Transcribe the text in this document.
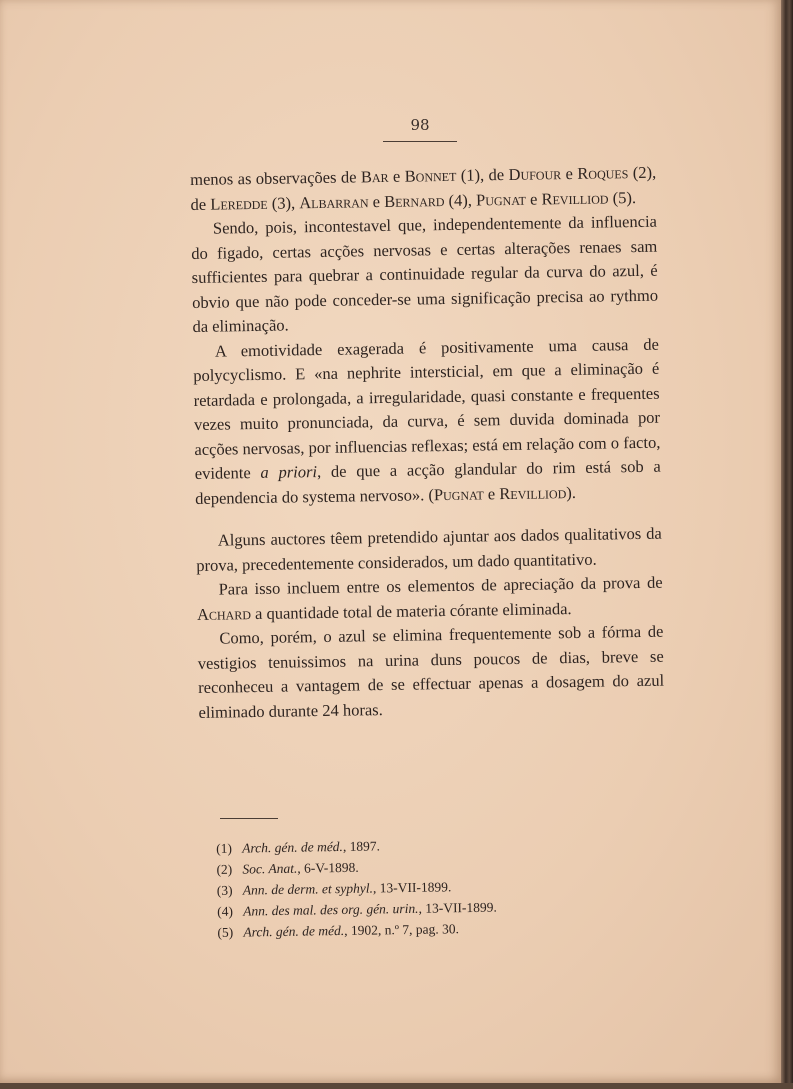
98

menos as observações de Bar e Bonnet (1), de Dufour e Roques (2), de Leredde (3), Albarran e Bernard (4), Pugnat e Revilliod (5).

Sendo, pois, incontestavel que, independentemente da influencia do figado, certas acções nervosas e certas alterações renaes sam sufficientes para quebrar a continuidade regular da curva do azul, é obvio que não pode conceder-se uma significação precisa ao rythmo da eliminação.

A emotividade exagerada é positivamente uma causa de polycyclismo. E «na nephrite intersticial, em que a eliminação é retardada e prolongada, a irregularidade, quasi constante e frequentes vezes muito pronunciada, da curva, é sem duvida dominada por acções nervosas, por influencias reflexas; está em relação com o facto, evidente a priori, de que a acção glandular do rim está sob a dependencia do systema nervoso». (Pugnat e Revilliod).

Alguns auctores têem pretendido ajuntar aos dados qualitativos da prova, precedentemente considerados, um dado quantitativo.

Para isso incluem entre os elementos de apreciação da prova de Achard a quantidade total de materia córante eliminada.

Como, porém, o azul se elimina frequentemente sob a fórma de vestigios tenuissimos na urina duns poucos de dias, breve se reconheceu a vantagem de se effectuar apenas a dosagem do azul eliminado durante 24 horas.

(1) Arch. gén. de méd., 1897.
(2) Soc. Anat., 6-V-1898.
(3) Ann. de derm. et syphyl., 13-VII-1899.
(4) Ann. des mal. des org. gén. urin., 13-VII-1899.
(5) Arch. gén. de méd., 1902, n.º 7, pag. 30.
